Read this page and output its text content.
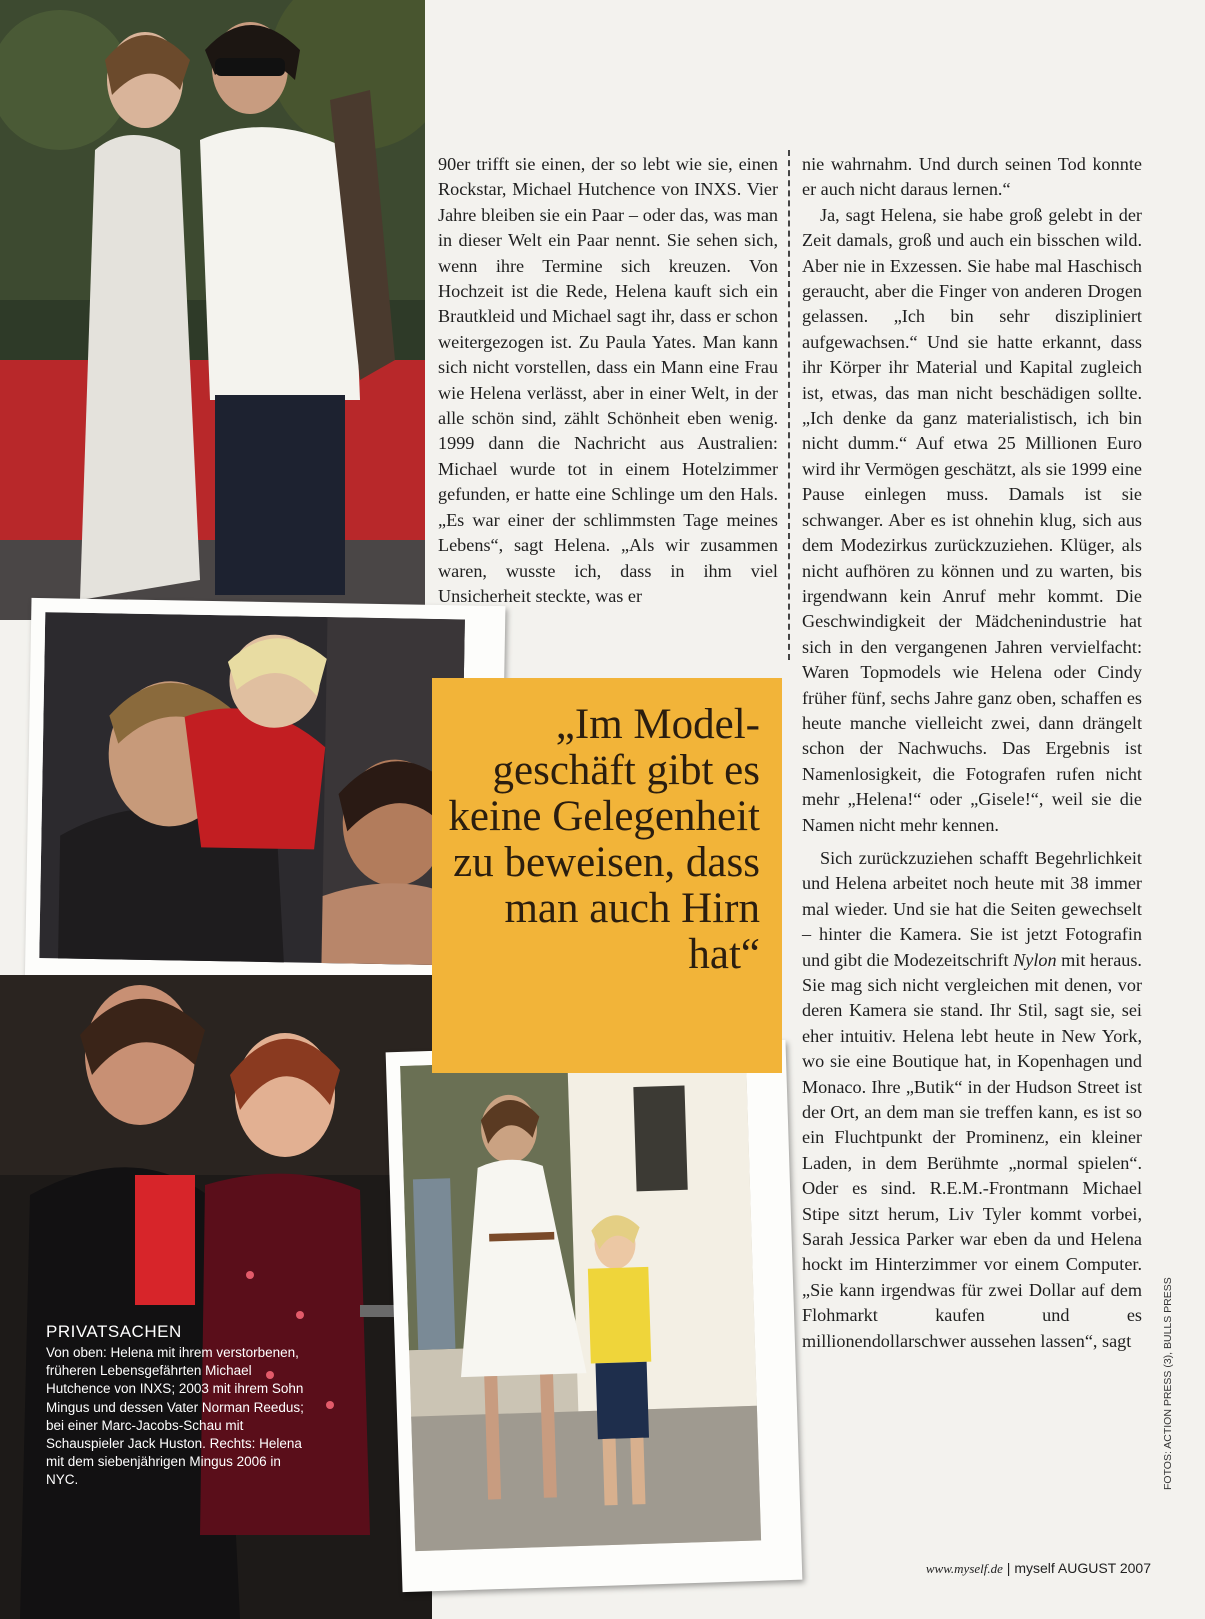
90er trifft sie einen, der so lebt wie sie, einen Rockstar, Michael Hutchence von INXS. Vier Jahre bleiben sie ein Paar – oder das, was man in dieser Welt ein Paar nennt. Sie sehen sich, wenn ihre Termine sich kreuzen. Von Hochzeit ist die Rede, Helena kauft sich ein Brautkleid und Michael sagt ihr, dass er schon weitergezogen ist. Zu Paula Yates. Man kann sich nicht vorstellen, dass ein Mann eine Frau wie Helena verlässt, aber in einer Welt, in der alle schön sind, zählt Schönheit eben wenig. 1999 dann die Nachricht aus Australien: Michael wurde tot in einem Hotelzimmer gefunden, er hatte eine Schlinge um den Hals. „Es war einer der schlimmsten Tage meines Lebens“, sagt Helena. „Als wir zusammen waren, wusste ich, dass in ihm viel Unsicherheit steckte, was er

nie wahrnahm. Und durch seinen Tod konnte er auch nicht daraus lernen.“

Ja, sagt Helena, sie habe groß gelebt in der Zeit damals, groß und auch ein bisschen wild. Aber nie in Exzessen. Sie habe mal Haschisch geraucht, aber die Finger von anderen Drogen gelassen. „Ich bin sehr diszipliniert aufgewachsen.“ Und sie hatte erkannt, dass ihr Körper ihr Material und Kapital zugleich ist, etwas, das man nicht beschädigen sollte. „Ich denke da ganz materialistisch, ich bin nicht dumm.“ Auf etwa 25 Millionen Euro wird ihr Vermögen geschätzt, als sie 1999 eine Pause einlegen muss. Damals ist sie schwanger. Aber es ist ohnehin klug, sich aus dem Modezirkus zurückzuziehen. Klüger, als nicht aufhören zu können und zu warten, bis irgendwann kein Anruf mehr kommt. Die Geschwindigkeit der Mädchenindustrie hat sich in den vergangenen Jahren vervielfacht: Waren Topmodels wie Helena oder Cindy früher fünf, sechs Jahre ganz oben, schaffen es heute manche vielleicht zwei, dann drängelt schon der Nachwuchs. Das Ergebnis ist Namenlosigkeit, die Fotografen rufen nicht mehr „Helena!“ oder „Gisele!“, weil sie die Namen nicht mehr kennen.

Sich zurückzuziehen schafft Begehrlichkeit und Helena arbeitet noch heute mit 38 immer mal wieder. Und sie hat die Seiten gewechselt – hinter die Kamera. Sie ist jetzt Fotografin und gibt die Modezeitschrift Nylon mit heraus. Sie mag sich nicht vergleichen mit denen, vor deren Kamera sie stand. Ihr Stil, sagt sie, sei eher intuitiv. Helena lebt heute in New York, wo sie eine Boutique hat, in Kopenhagen und Monaco. Ihre „Butik“ in der Hudson Street ist der Ort, an dem man sie treffen kann, es ist so ein Fluchtpunkt der Prominenz, ein kleiner Laden, in dem Berühmte „normal spielen“. Oder es sind. R.E.M.-Frontmann Michael Stipe sitzt herum, Liv Tyler kommt vorbei, Sarah Jessica Parker war eben da und Helena hockt im Hinterzimmer vor einem Computer. „Sie kann irgendwas für zwei Dollar auf dem Flohmarkt kaufen und es millionendollarschwer aussehen lassen“, sagt

„Im Modelgeschäft gibt es keine Gelegenheit zu beweisen, dass man auch Hirn hat“
PRIVATSACHEN
Von oben: Helena mit ihrem verstorbenen, früheren Lebensgefährten Michael Hutchence von INXS; 2003 mit ihrem Sohn Mingus und dessen Vater Norman Reedus; bei einer Marc-Jacobs-Schau mit Schauspieler Jack Huston. Rechts: Helena mit dem siebenjährigen Mingus 2006 in NYC.	FOTOS: ACTION PRESS (3), BULLS PRESS
www.myself.de | myself AUGUST 2007
